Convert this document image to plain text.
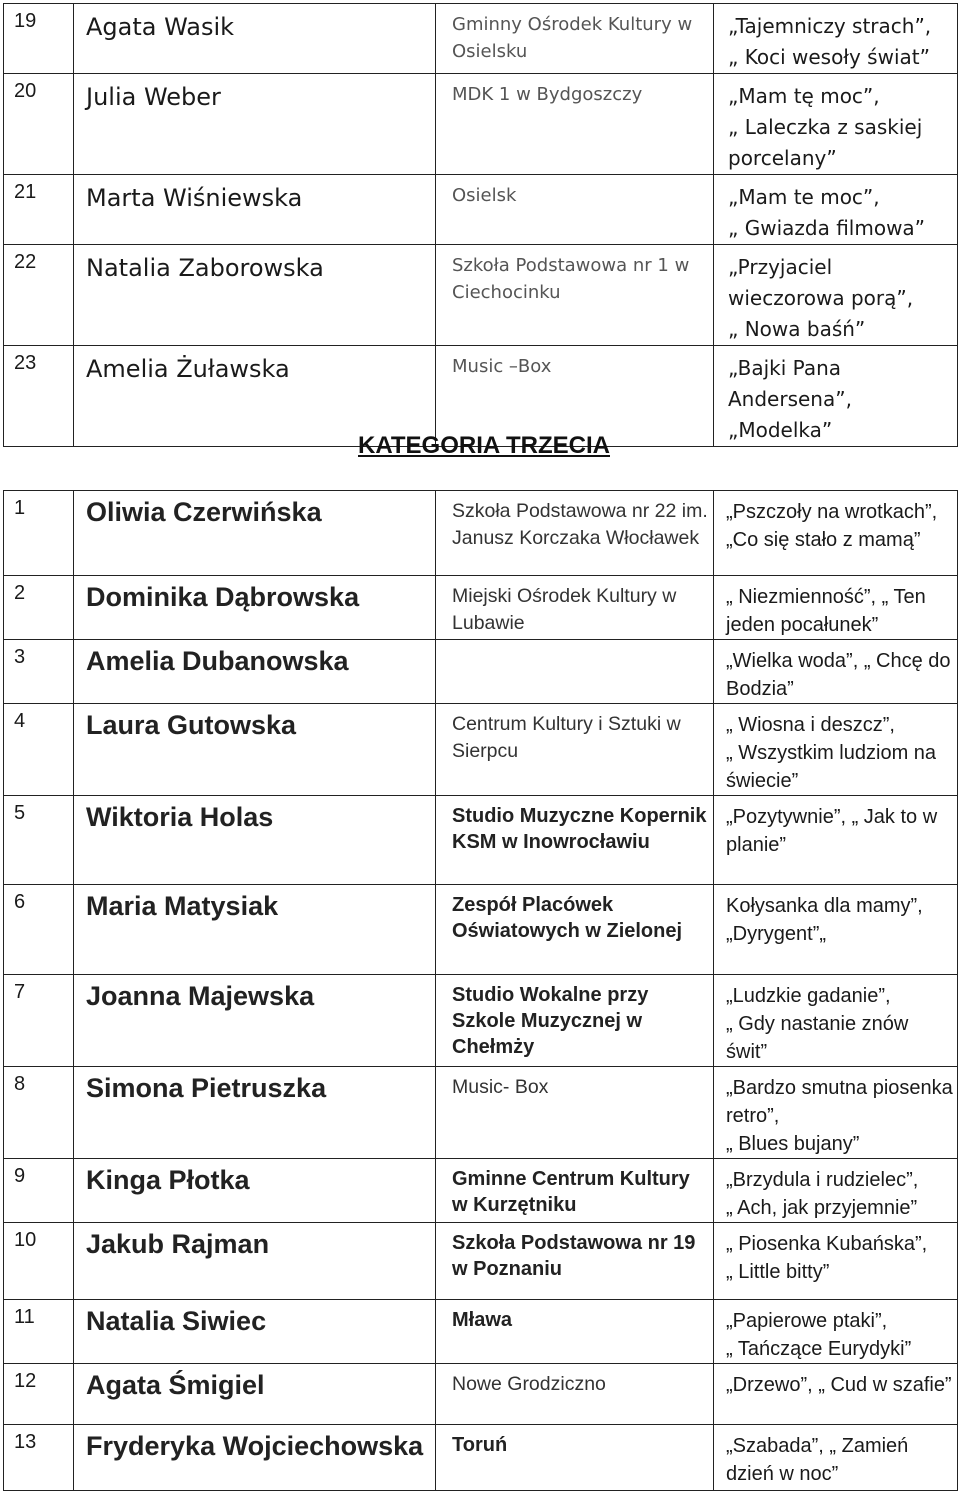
19	Agata Wasik	Gminny Ośrodek Kultury w Osielsku	„Tajemniczy strach”,
„ Koci wesoły świat”
20	Julia Weber	MDK 1 w Bydgoszczy	„Mam tę moc”,
„ Laleczka z saskiej porcelany”
21	Marta Wiśniewska	Osielsk	„Mam te moc”,
„ Gwiazda filmowa”
22	Natalia Zaborowska	Szkoła Podstawowa nr 1 w Ciechocinku	„Przyjaciel wieczorowa porą”,
„ Nowa baśń”
23	Amelia Żuławska	Music –Box	„Bajki Pana Andersena”,
„Modelka”
KATEGORIA TRZECIA
1	Oliwia Czerwińska	Szkoła Podstawowa nr 22 im. Janusz Korczaka Włocławek	„Pszczoły na wrotkach”, „Co się stało z mamą”
2	Dominika Dąbrowska	Miejski Ośrodek Kultury w Lubawie	„ Niezmienność”, „ Ten jeden pocałunek”
3	Amelia Dubanowska		„Wielka woda”, „ Chcę do Bodzia”
4	Laura Gutowska	Centrum Kultury i Sztuki w Sierpcu	„ Wiosna i deszcz”,
„ Wszystkim ludziom na świecie”
5	Wiktoria Holas	Studio Muzyczne Kopernik KSM w Inowrocławiu	„Pozytywnie”, „ Jak to w planie”
6	Maria Matysiak	Zespół Placówek Oświatowych w Zielonej	Kołysanka dla mamy”,
„Dyrygent”„
7	Joanna Majewska	Studio Wokalne przy Szkole Muzycznej w Chełmży	„Ludzkie gadanie”,
„ Gdy nastanie znów świt”
8	Simona Pietruszka	Music- Box	„Bardzo smutna piosenka retro”,
„ Blues bujany”
9	Kinga Płotka	Gminne Centrum Kultury w Kurzętniku	„Brzydula i rudzielec”,
„ Ach, jak przyjemnie”
10	Jakub Rajman	Szkoła Podstawowa nr 19 w Poznaniu	„ Piosenka Kubańska”,
„ Little bitty”
11	Natalia Siwiec	Mława	„Papierowe ptaki”,
„ Tańczące Eurydyki”
12	Agata Śmigiel	Nowe Grodziczno	„Drzewo”, „ Cud w szafie”
13	Fryderyka Wojciechowska	Toruń	„Szabada”, „ Zamień dzień w noc”
